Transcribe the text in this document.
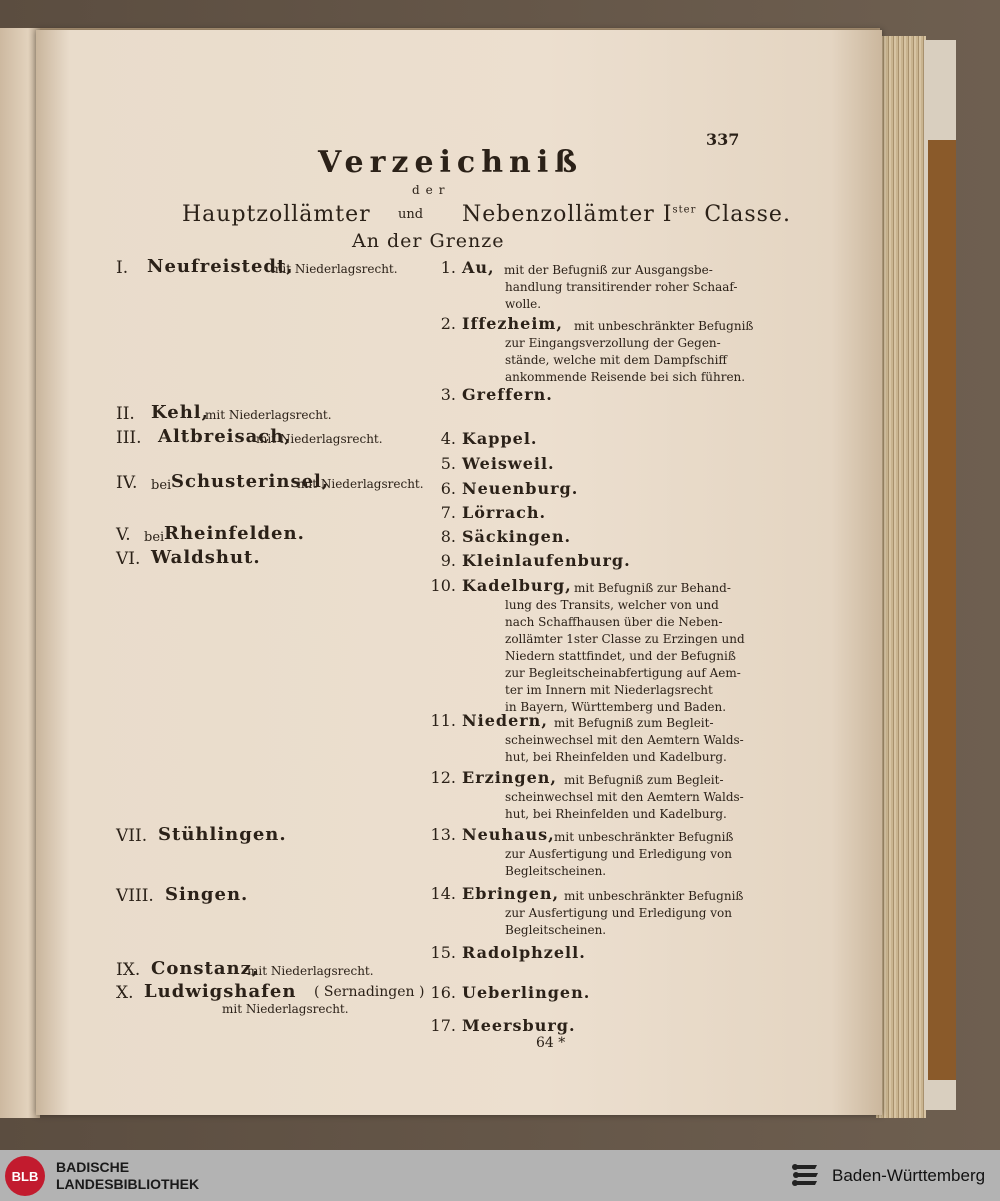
337
Verzeichniß
der
Hauptzollämter und Nebenzollämter $I^{ster}$ Classe.
An der Grenze
I. Neufreistedt,
mit Niederlagsrecht.
II. Kehl,
mit Niederlagsrecht.
III. Altbreisach,
mit Niederlagsrecht.
IV. bei Schusterinsel,
mit Niederlagsrecht.
V. bei Rheinfelden.
VI. Waldshut.
VII. Stühlingen.
VIII. Singen.
IX. Constanz,
mit Niederlagsrecht.
X. Ludwigshafen ( Sernadingen )
mit Niederlagsrecht.
1. Au, mit der Befugniß zur Ausgangsbe-
handlung transitirender roher Schaaf-
wolle.
2. Iffezheim, mit unbeschränkter Befugniß
zur Eingangsverzollung der Gegen-
stände, welche mit dem Dampfschiff
ankommende Reisende bei sich führen.
3. Greffern.
4. Kappel.
5. Weisweil.
6. Neuenburg.
7. Lörrach.
8. Säckingen.
9. Kleinlaufenburg.
10. Kadelburg, mit Befugniß zur Behand-
lung des Transits, welcher von und
nach Schaffhausen über die Neben-
zollämter 1ster Classe zu Erzingen und
Niedern stattfindet, und der Befugniß
zur Begleitscheinabfertigung auf Aem-
ter im Innern mit Niederlagsrecht
in Bayern, Württemberg und Baden.
11. Niedern, mit Befugniß zum Begleit-
scheinwechsel mit den Aemtern Walds-
hut, bei Rheinfelden und Kadelburg.
12. Erzingen, mit Befugniß zum Begleit-
scheinwechsel mit den Aemtern Walds-
hut, bei Rheinfelden und Kadelburg.
13. Neuhaus, mit unbeschränkter Befugniß
zur Ausfertigung und Erledigung von
Begleitscheinen.
14. Ebringen, mit unbeschränkter Befugniß
zur Ausfertigung und Erledigung von
Begleitscheinen.
15. Radolphzell.
16. Ueberlingen.
17. Meersburg.
64 *
BLB
BADISCHE
LANDESBIBLIOTHEK	Baden-Württemberg
